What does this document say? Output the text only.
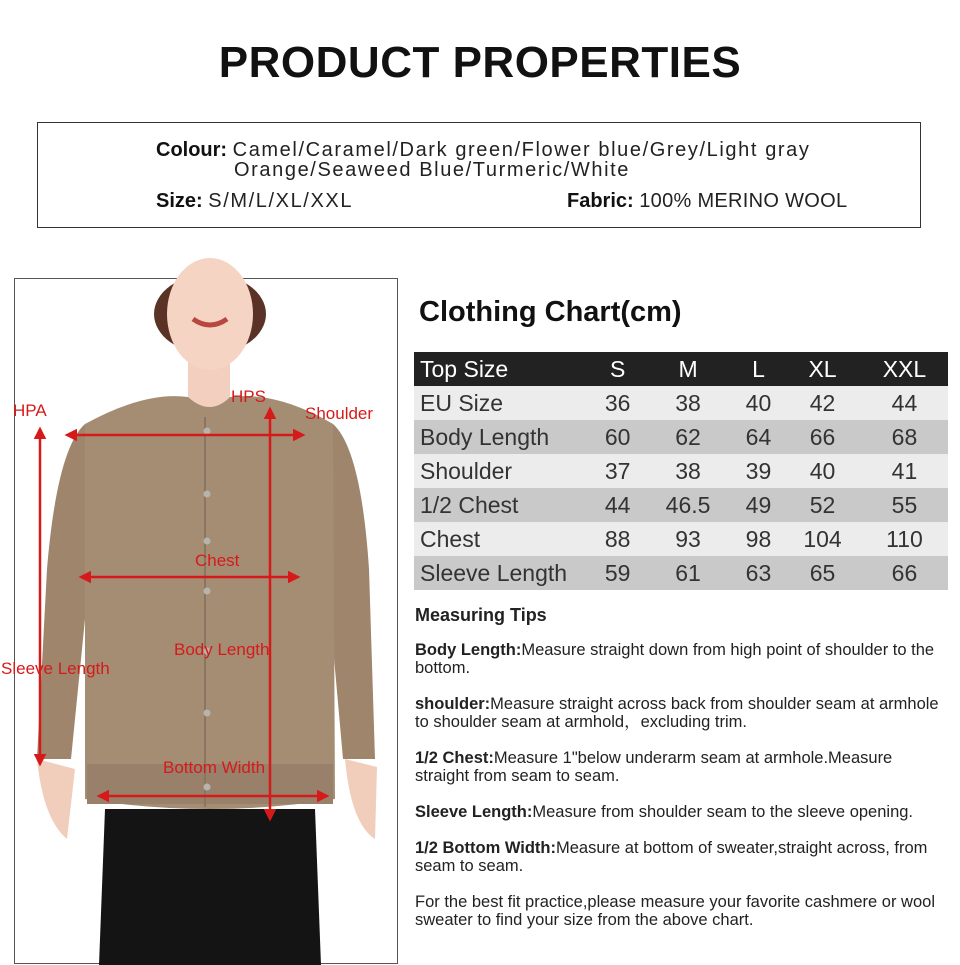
PRODUCT PROPERTIES
Colour: Camel/Caramel/Dark green/Flower blue/Grey/Light gray
Orange/Seaweed Blue/Turmeric/White
Size: S/M/L/XL/XXL	Fabric: 100% MERINO WOOL
HPA
HPS
Shoulder
Chest
Body Length
Sleeve Length
Bottom Width
Clothing Chart(cm)
Top Size	S	M	L	XL	XXL
EU Size	36	38	40	42	44
Body Length	60	62	64	66	68
Shoulder	37	38	39	40	41
1/2 Chest	44	46.5	49	52	55
Chest	88	93	98	104	110
Sleeve Length	59	61	63	65	66
Measuring Tips

Body Length:Measure straight down from high point of shoulder to the bottom.

shoulder:Measure straight across back from shoulder seam at armhole to shoulder seam at armhold，excluding trim.

1/2 Chest:Measure 1"below underarm seam at armhole.Measure straight from seam to seam.

Sleeve Length:Measure from shoulder seam to the sleeve opening.

1/2 Bottom Width:Measure at bottom of sweater,straight across, from seam to seam.

For the best fit practice,please measure your favorite cashmere or wool sweater to find your size from the above chart.
